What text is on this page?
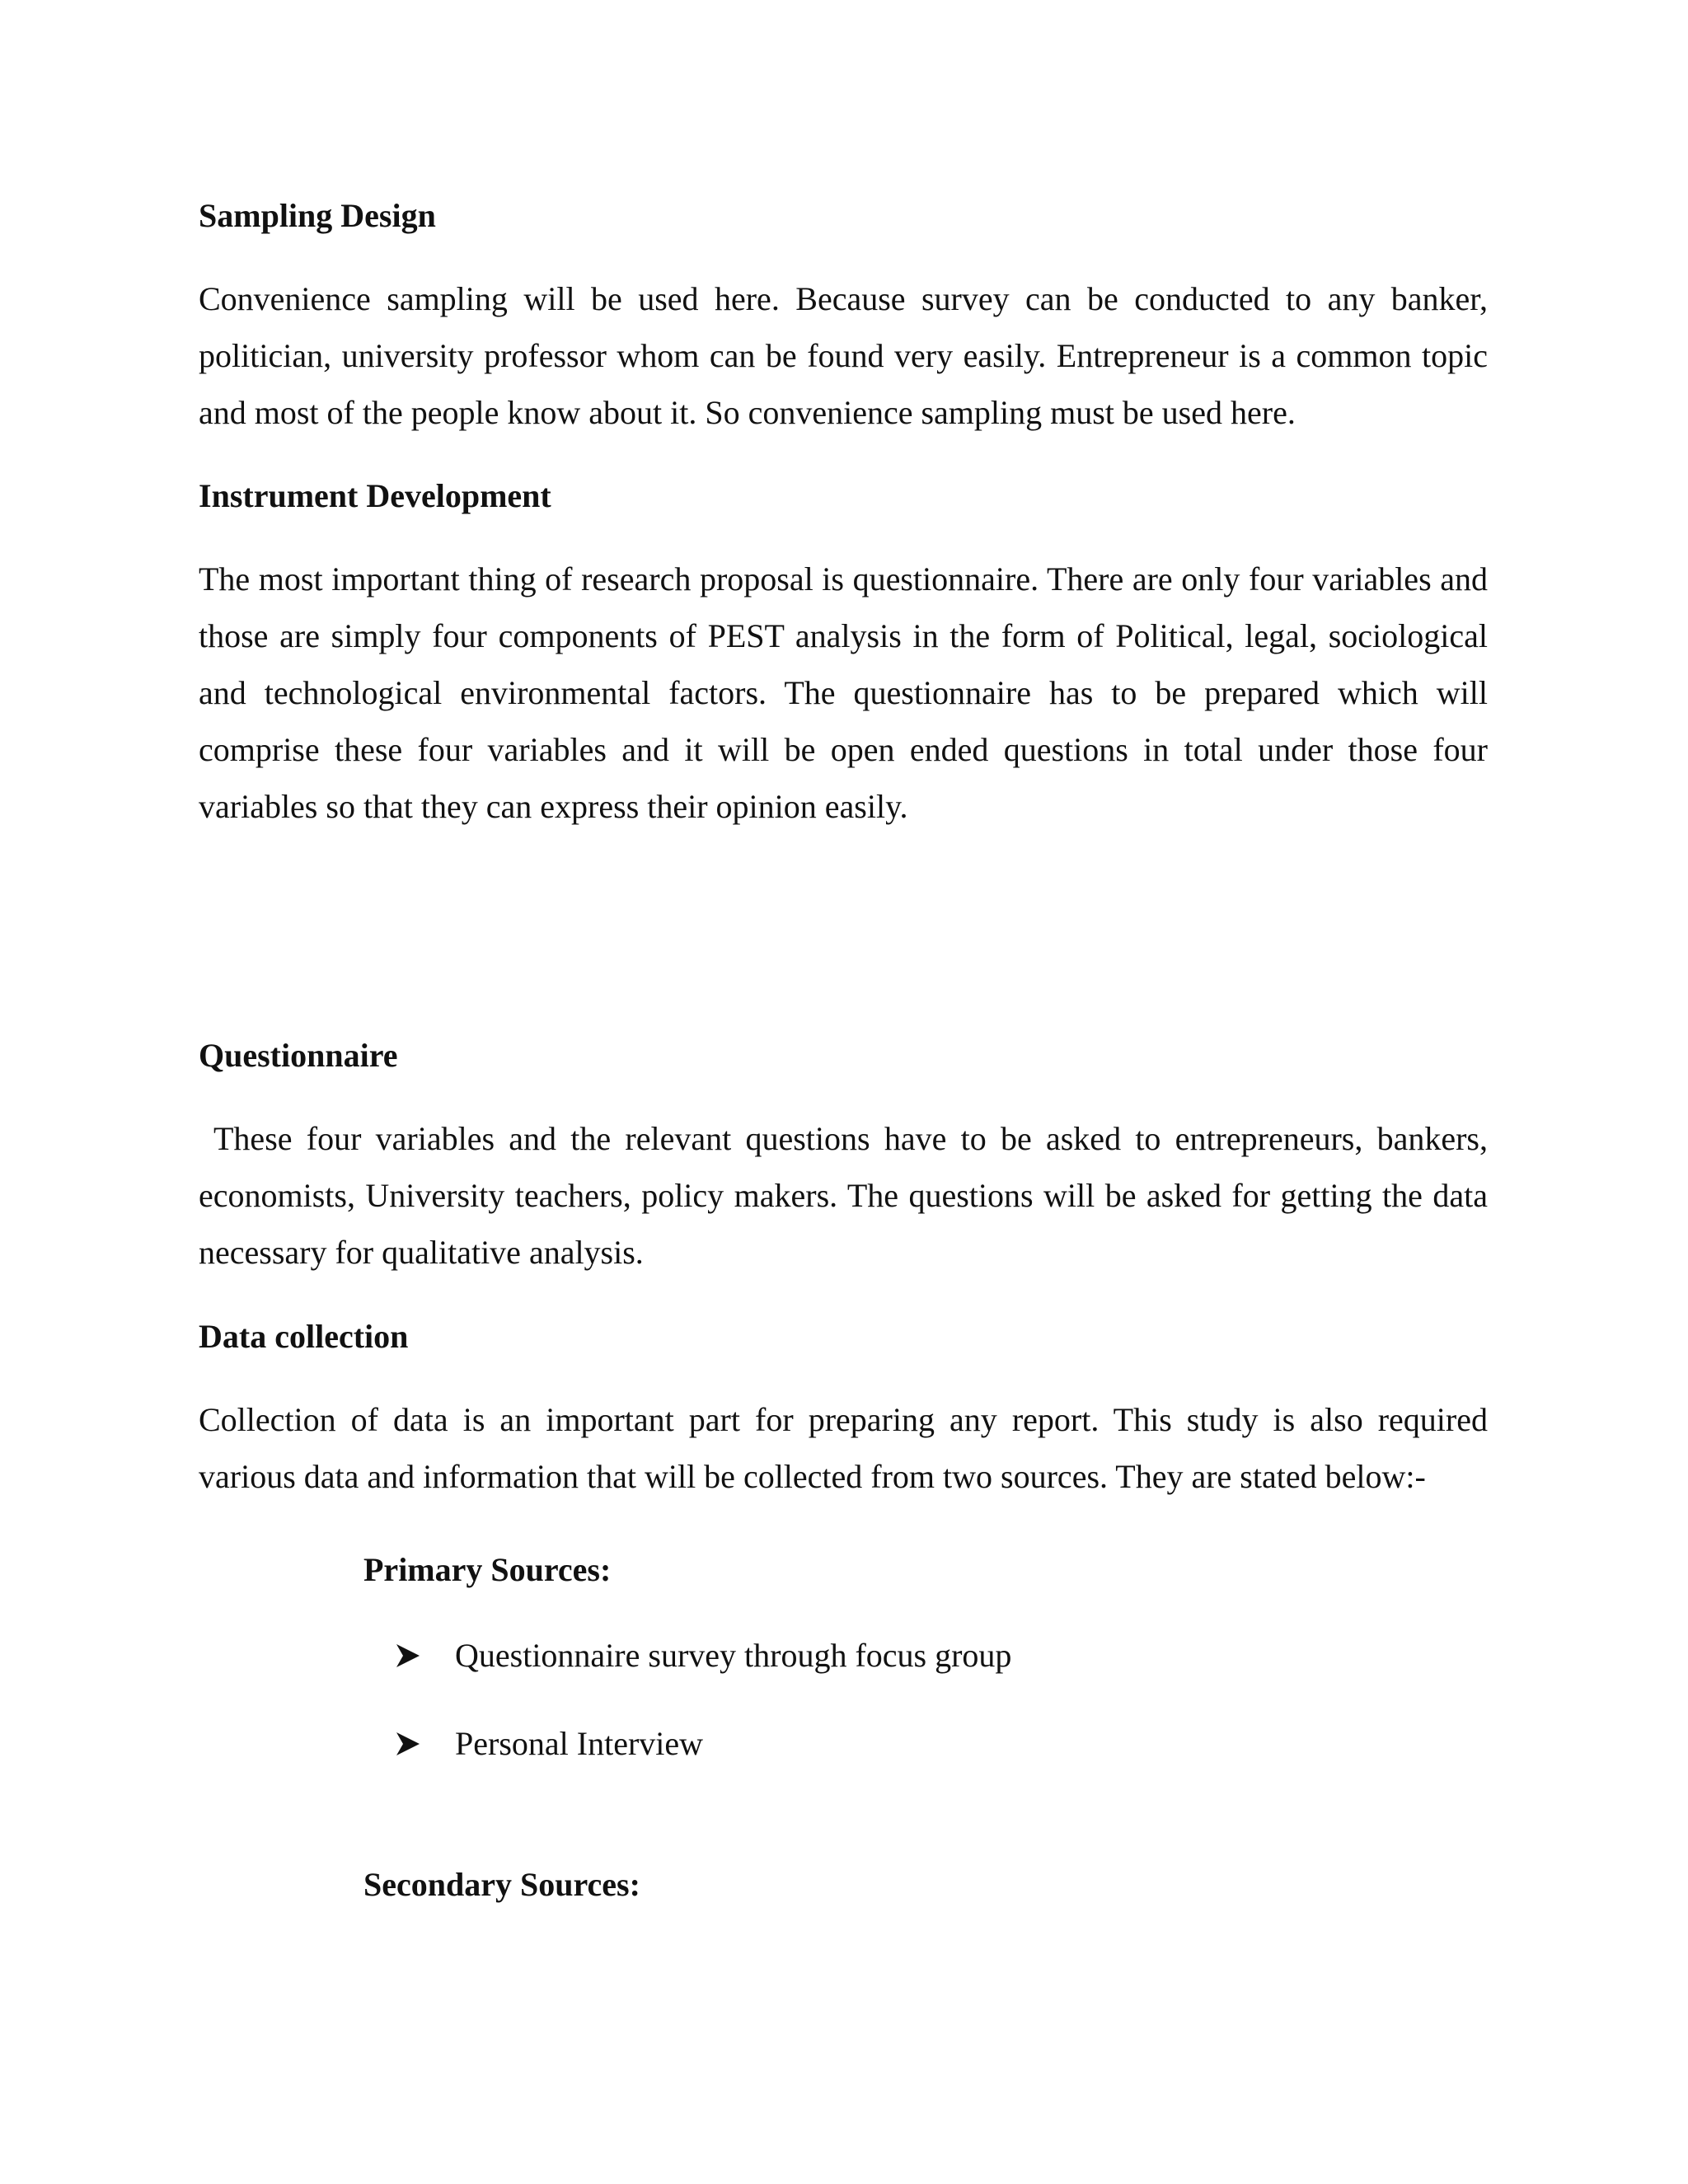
Sampling Design

Convenience sampling will be used here. Because survey can be conducted to any banker,
politician, university professor whom can be found very easily. Entrepreneur is a common topic
and most of the people know about it. So convenience sampling must be used here.

Instrument Development

The most important thing of research proposal is questionnaire. There are only four variables and
those are simply four components of PEST analysis in the form of Political, legal, sociological
and technological environmental factors. The questionnaire has to be prepared which will
comprise these four variables and it will be open ended questions in total under those four
variables so that they can express their opinion easily.

Questionnaire

These four variables and the relevant questions have to be asked to entrepreneurs, bankers,
economists, University teachers, policy makers. The questions will be asked for getting the data
necessary for qualitative analysis.

Data collection

Collection of data is an important part for preparing any report. This study is also required
various data and information that will be collected from two sources. They are stated below:-

Primary Sources:
Questionnaire survey through focus group
Personal Interview
Secondary Sources:
